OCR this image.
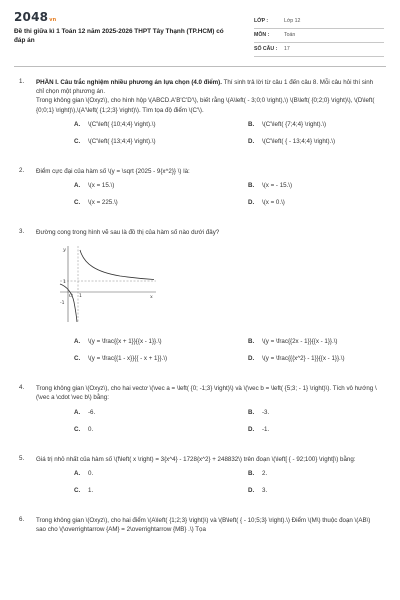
2048vn
Đề thi giữa kì 1 Toán 12 năm 2025-2026 THPT Tây Thạnh (TP.HCM) có đáp án
LỚP :	Lớp 12
MÔN :	Toán
SỐ CÂU : 17
1. PHẦN I. Câu trắc nghiệm nhiều phương án lựa chọn (4.0 điểm). Thí sinh trả lời từ câu 1 đến câu 8. Mỗi câu hỏi thí sinh chỉ chọn một phương án.
Trong không gian \(Oxyz\), cho hình hộp \(ABCD.A'B'C'D'\), biết rằng \(A\left( - 3;0;0 \right),\) \(B\left( {0;2;0} \right)\), \(D\left( {0;0;1} \right)\),\(A'\left( {1;2;3} \right)\). Tìm tọa độ điểm \(C'\).
A. \(C'\left( {10;4;4} \right).\)	B. \(C'\left( {7;4;4} \right).\)
C. \(C'\left( {13;4;4} \right).\)	D. \(C'\left( { - 13;4;4} \right).\)
2. Điểm cực đại của hàm số \(y = \sqrt {2025 - 9{x^2}} \) là:
A. \(x = 15.\)	B. \(x = - 15.\)
C. \(x = 225.\)	D. \(x = 0.\)
3. Đường cong trong hình vẽ sau là đồ thị của hàm số nào dưới đây?
y
x
1
1
O
-1
A. \(y = \frac{{x + 1}}{{x - 1}}.\)	B. \(y = \frac{{2x - 1}}{{x - 1}}.\)
C. \(y = \frac{{1 - x}}{{ - x + 1}}.\)	D. \(y = \frac{{{x^2} - 1}}{{x - 1}}.\)
4. Trong không gian \(Oxyz\), cho hai vectơ \(\vec a = \left( {0; -1;3} \right)\) và \(\vec b = \left( {5;3; - 1} \right)\). Tích vô hướng \(\vec a \cdot \vec b\) bằng:
A. -6.	B. -3.
C. 0.	D. -1.
5. Giá trị nhỏ nhất của hàm số \(f\left( x \right) = 3{x^4} - 1728{x^2} + 248832\) trên đoạn \(\left[ { - 92;100} \right]\) bằng:
A. 0.	B. 2.
C. 1.	D. 3.
6. Trong không gian \(Oxyz\), cho hai điểm \(A\left( {1;2;3} \right)\) và \(B\left( { - 10;5;3} \right).\) Điểm \(M\) thuộc đoạn \(AB\) sao cho \(\overrightarrow {AM} = 2\overrightarrow {MB} .\) Tọa
